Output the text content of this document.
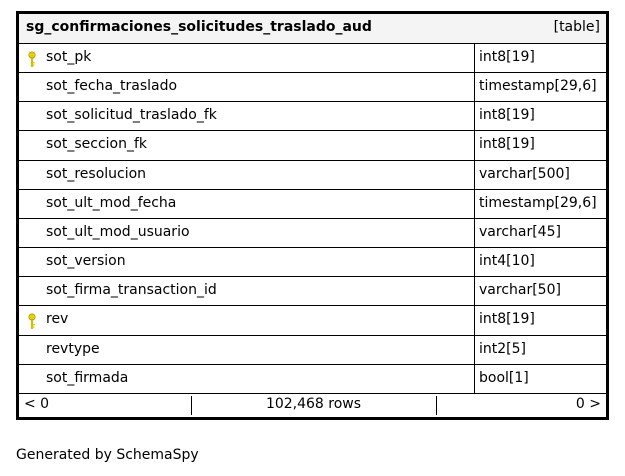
sg_confirmaciones_solicitudes_traslado_aud	[table]
sot_pk	int8[19]
sot_fecha_traslado	timestamp[29,6]
sot_solicitud_traslado_fk	int8[19]
sot_seccion_fk	int8[19]
sot_resolucion	varchar[500]
sot_ult_mod_fecha	timestamp[29,6]
sot_ult_mod_usuario	varchar[45]
sot_version	int4[10]
sot_firma_transaction_id	varchar[50]
rev	int8[19]
revtype	int2[5]
sot_firmada	bool[1]
< 0	102,468 rows	0 >
Generated by SchemaSpy
